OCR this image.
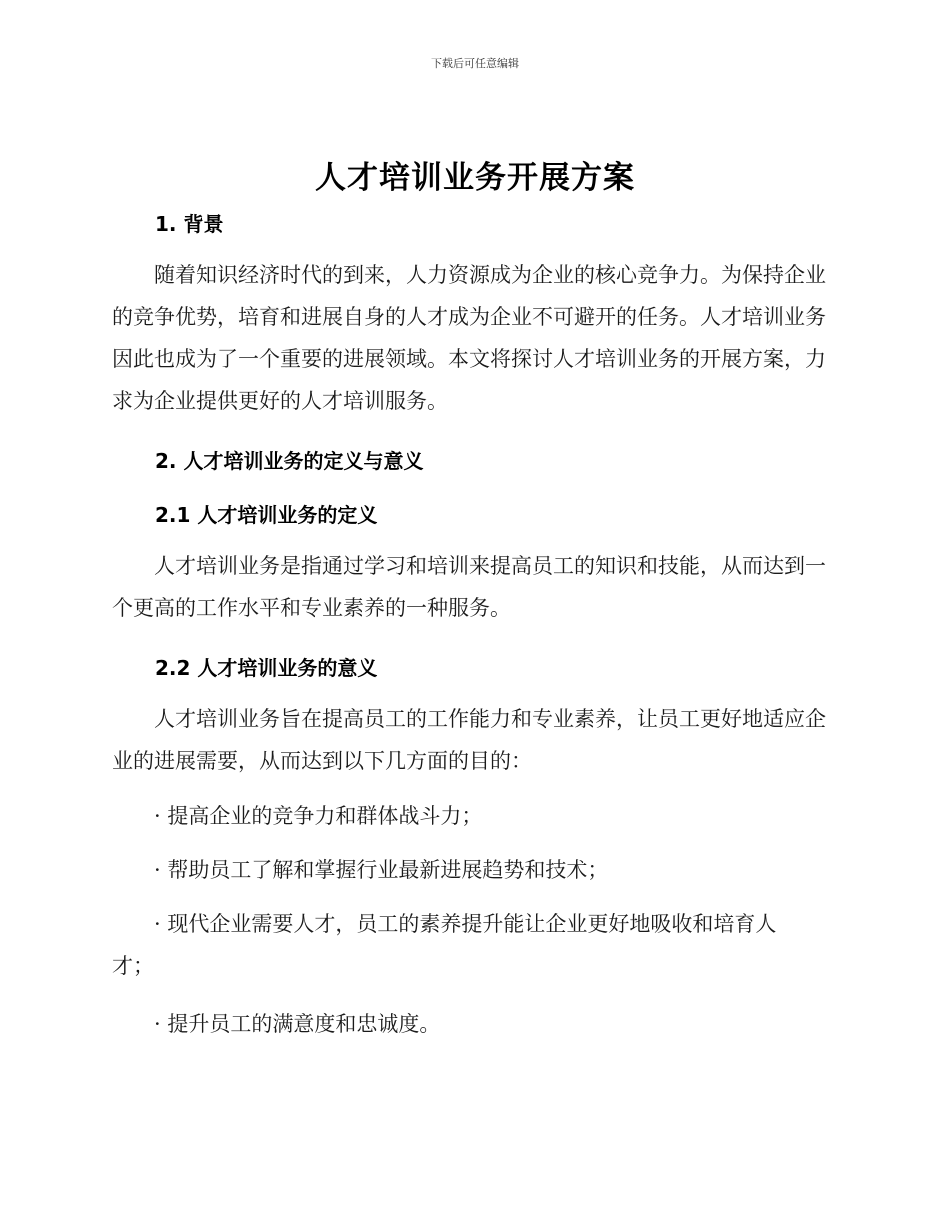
下载后可任意编辑
人才培训业务开展方案
1. 背景
随着知识经济时代的到来，人力资源成为企业的核心竞争力。为保持企业的竞争优势，培育和进展自身的人才成为企业不可避开的任务。人才培训业务因此也成为了一个重要的进展领域。本文将探讨人才培训业务的开展方案，力求为企业提供更好的人才培训服务。
2. 人才培训业务的定义与意义
2.1 人才培训业务的定义
人才培训业务是指通过学习和培训来提高员工的知识和技能，从而达到一个更高的工作水平和专业素养的一种服务。
2.2 人才培训业务的意义
人才培训业务旨在提高员工的工作能力和专业素养，让员工更好地适应企业的进展需要，从而达到以下几方面的目的：
· 提高企业的竞争力和群体战斗力；
· 帮助员工了解和掌握行业最新进展趋势和技术；
· 现代企业需要人才，员工的素养提升能让企业更好地吸收和培育人才；
· 提升员工的满意度和忠诚度。
